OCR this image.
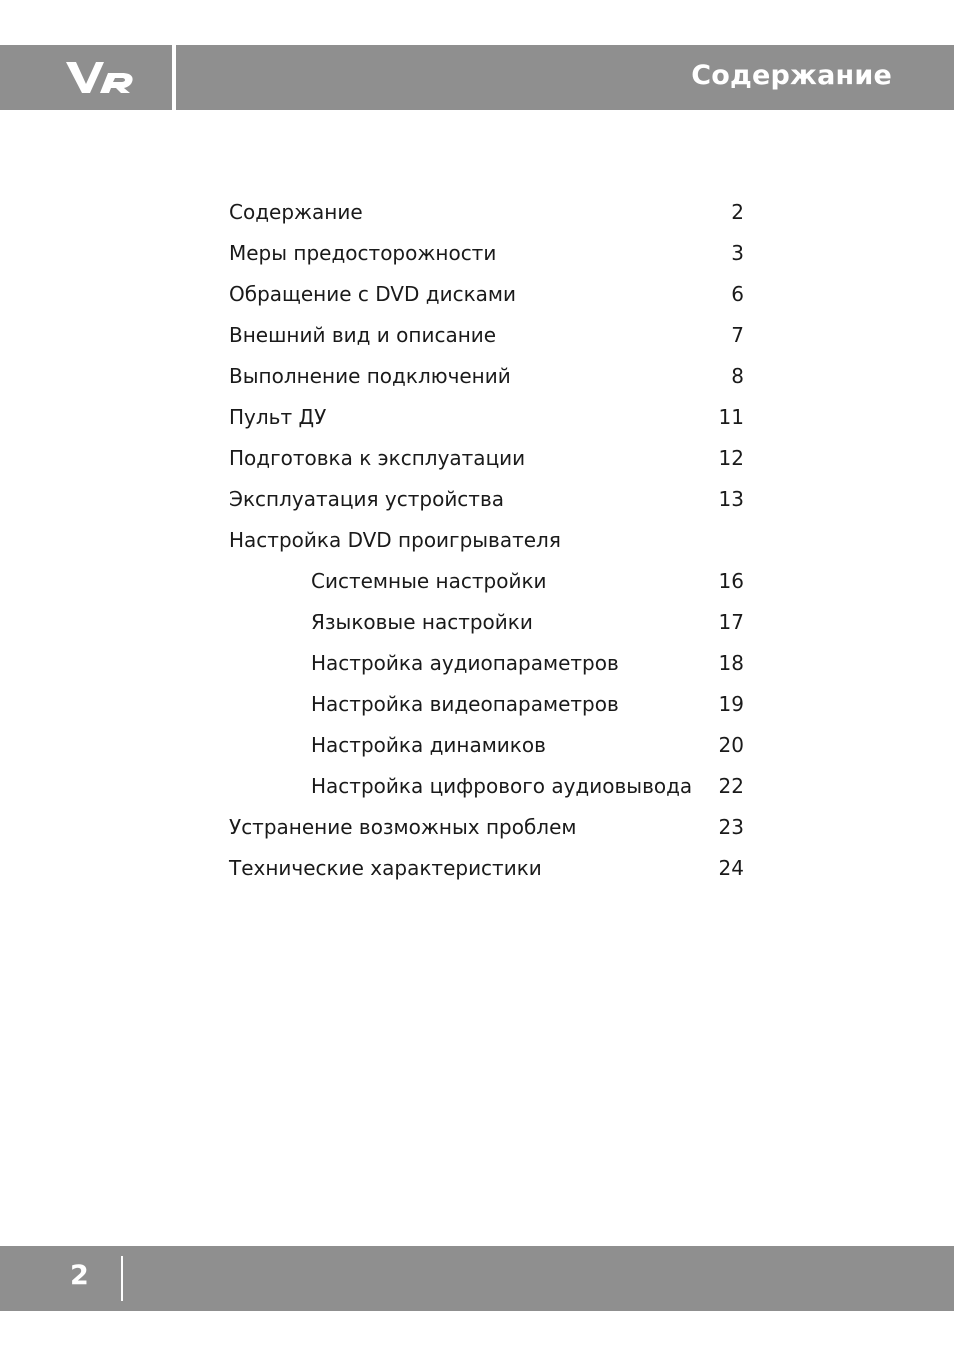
Содержание
Содержание	2
Меры предосторожности	3
Обращение с DVD дисками	6
Внешний вид и описание	7
Выполнение подключений	8
Пульт ДУ	11
Подготовка к эксплуатации	12
Эксплуатация устройства	13
Настройка DVD проигрывателя
Системные настройки	16
Языковые настройки	17
Настройка аудиопараметров	18
Настройка видеопараметров	19
Настройка динамиков	20
Настройка цифрового аудиовывода 22
Устранение возможных проблем	23
Технические характеристики	24
2
